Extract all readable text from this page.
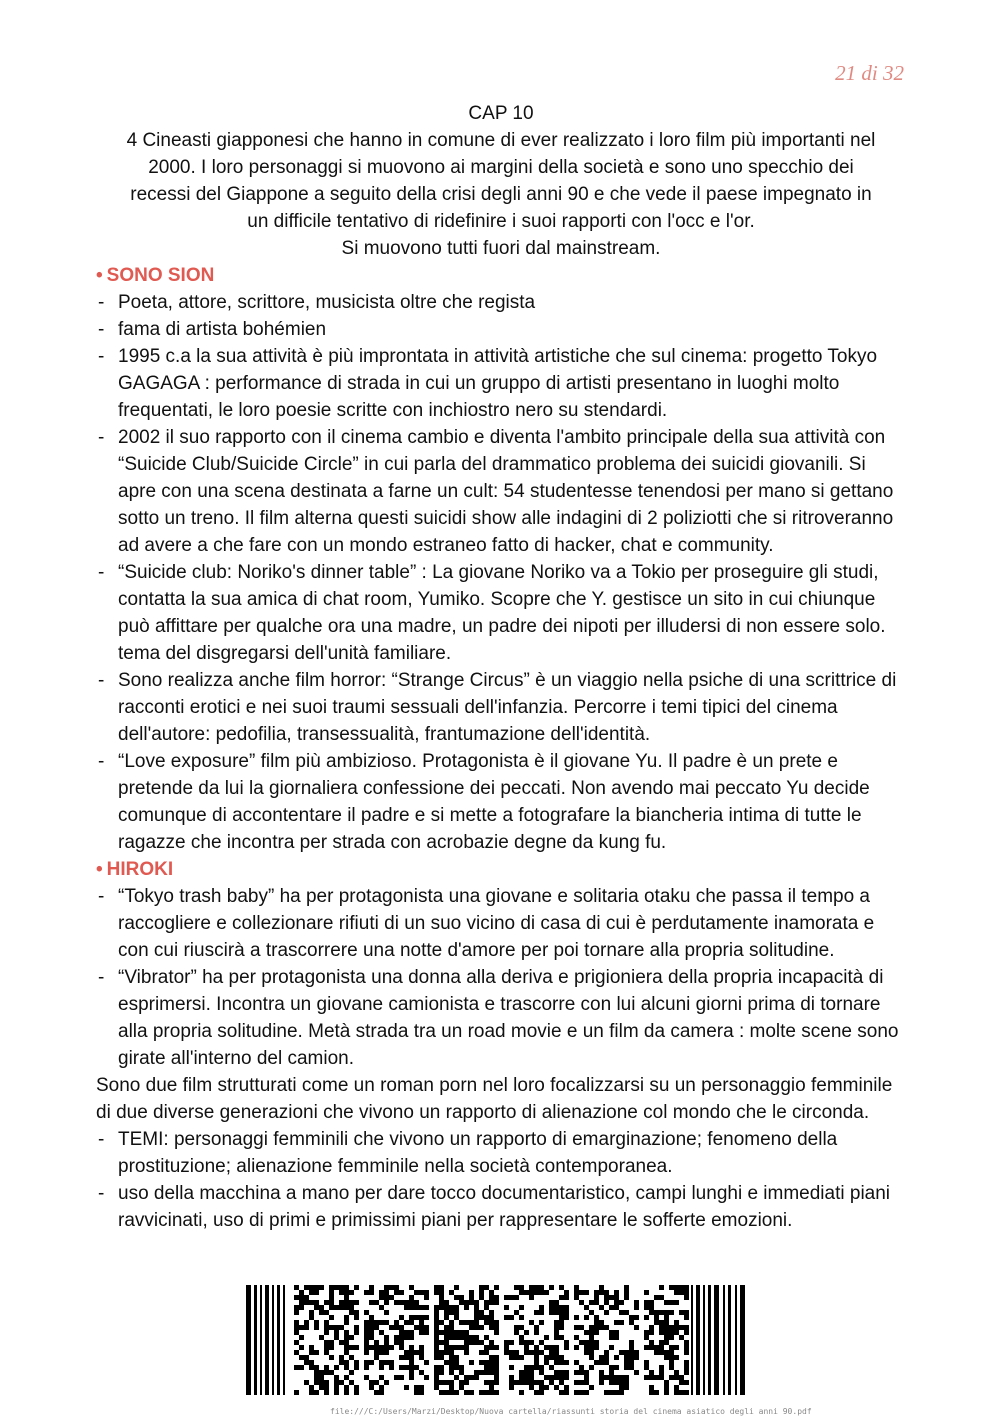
21 di 32

CAP 10

4 Cineasti giapponesi che hanno in comune di ever realizzato i loro film più importanti nel

2000. I loro personaggi si muovono ai margini della società e sono uno specchio dei

recessi del Giappone a seguito della crisi degli anni 90 e che vede il paese impegnato in

un difficile tentativo di ridefinire i suoi rapporti con l'occ e l'or.

Si muovono tutti fuori dal mainstream.

• SONO SION

- Poeta, attore, scrittore, musicista oltre che regista
- fama di artista bohémien
- 1995 c.a la sua attività è più improntata in attività artistiche che sul cinema: progetto Tokyo GAGAGA : performance di strada in cui un gruppo di artisti presentano in luoghi molto frequentati, le loro poesie scritte con inchiostro nero su stendardi.
- 2002 il suo rapporto con il cinema cambio e diventa l'ambito principale della sua attività con “Suicide Club/Suicide Circle” in cui parla del drammatico problema dei suicidi giovanili. Si apre con una scena destinata a farne un cult: 54 studentesse tenendosi per mano si gettano sotto un treno. Il film alterna questi suicidi show alle indagini di 2 poliziotti che si ritroveranno ad avere a che fare con un mondo estraneo fatto di hacker, chat e community.
- “Suicide club: Noriko's dinner table” : La giovane Noriko va a Tokio per proseguire gli studi, contatta la sua amica di chat room, Yumiko. Scopre che Y. gestisce un sito in cui chiunque può affittare per qualche ora una madre, un padre dei nipoti per illudersi di non essere solo. tema del disgregarsi dell'unità familiare.
- Sono realizza anche film horror: “Strange Circus” è un viaggio nella psiche di una scrittrice di racconti erotici e nei suoi traumi sessuali dell'infanzia. Percorre i temi tipici del cinema dell'autore: pedofilia, transessualità, frantumazione dell'identità.
- “Love exposure” film più ambizioso. Protagonista è il giovane Yu. Il padre è un prete e pretende da lui la giornaliera confessione dei peccati. Non avendo mai peccato Yu decide comunque di accontentare il padre e si mette a fotografare la biancheria intima di tutte le ragazze che incontra per strada con acrobazie degne da kung fu.

• HIROKI

- “Tokyo trash baby” ha per protagonista una giovane e solitaria otaku che passa il tempo a raccogliere e collezionare rifiuti di un suo vicino di casa di cui è perdutamente inamorata e con cui riuscirà a trascorrere una notte d'amore per poi tornare alla propria solitudine.
- “Vibrator” ha per protagonista una donna alla deriva e prigioniera della propria incapacità di esprimersi. Incontra un giovane camionista e trascorre con lui alcuni giorni prima di tornare alla propria solitudine. Metà strada tra un road movie e un film da camera : molte scene sono girate all'interno del camion.

Sono due film strutturati come un roman porn nel loro focalizzarsi su un personaggio femminile di due diverse generazioni che vivono un rapporto di alienazione col mondo che le circonda.

- TEMI: personaggi femminili che vivono un rapporto di emarginazione; fenomeno della prostituzione; alienazione femminile nella società contemporanea.
- uso della macchina a mano per dare tocco documentaristico, campi lunghi e immediati piani ravvicinati, uso di primi e primissimi piani per rappresentare le sofferte emozioni.
file:///C:/Users/Marzi/Desktop/Nuova cartella/riassunti storia del cinema asiatico degli anni 90.pdf
